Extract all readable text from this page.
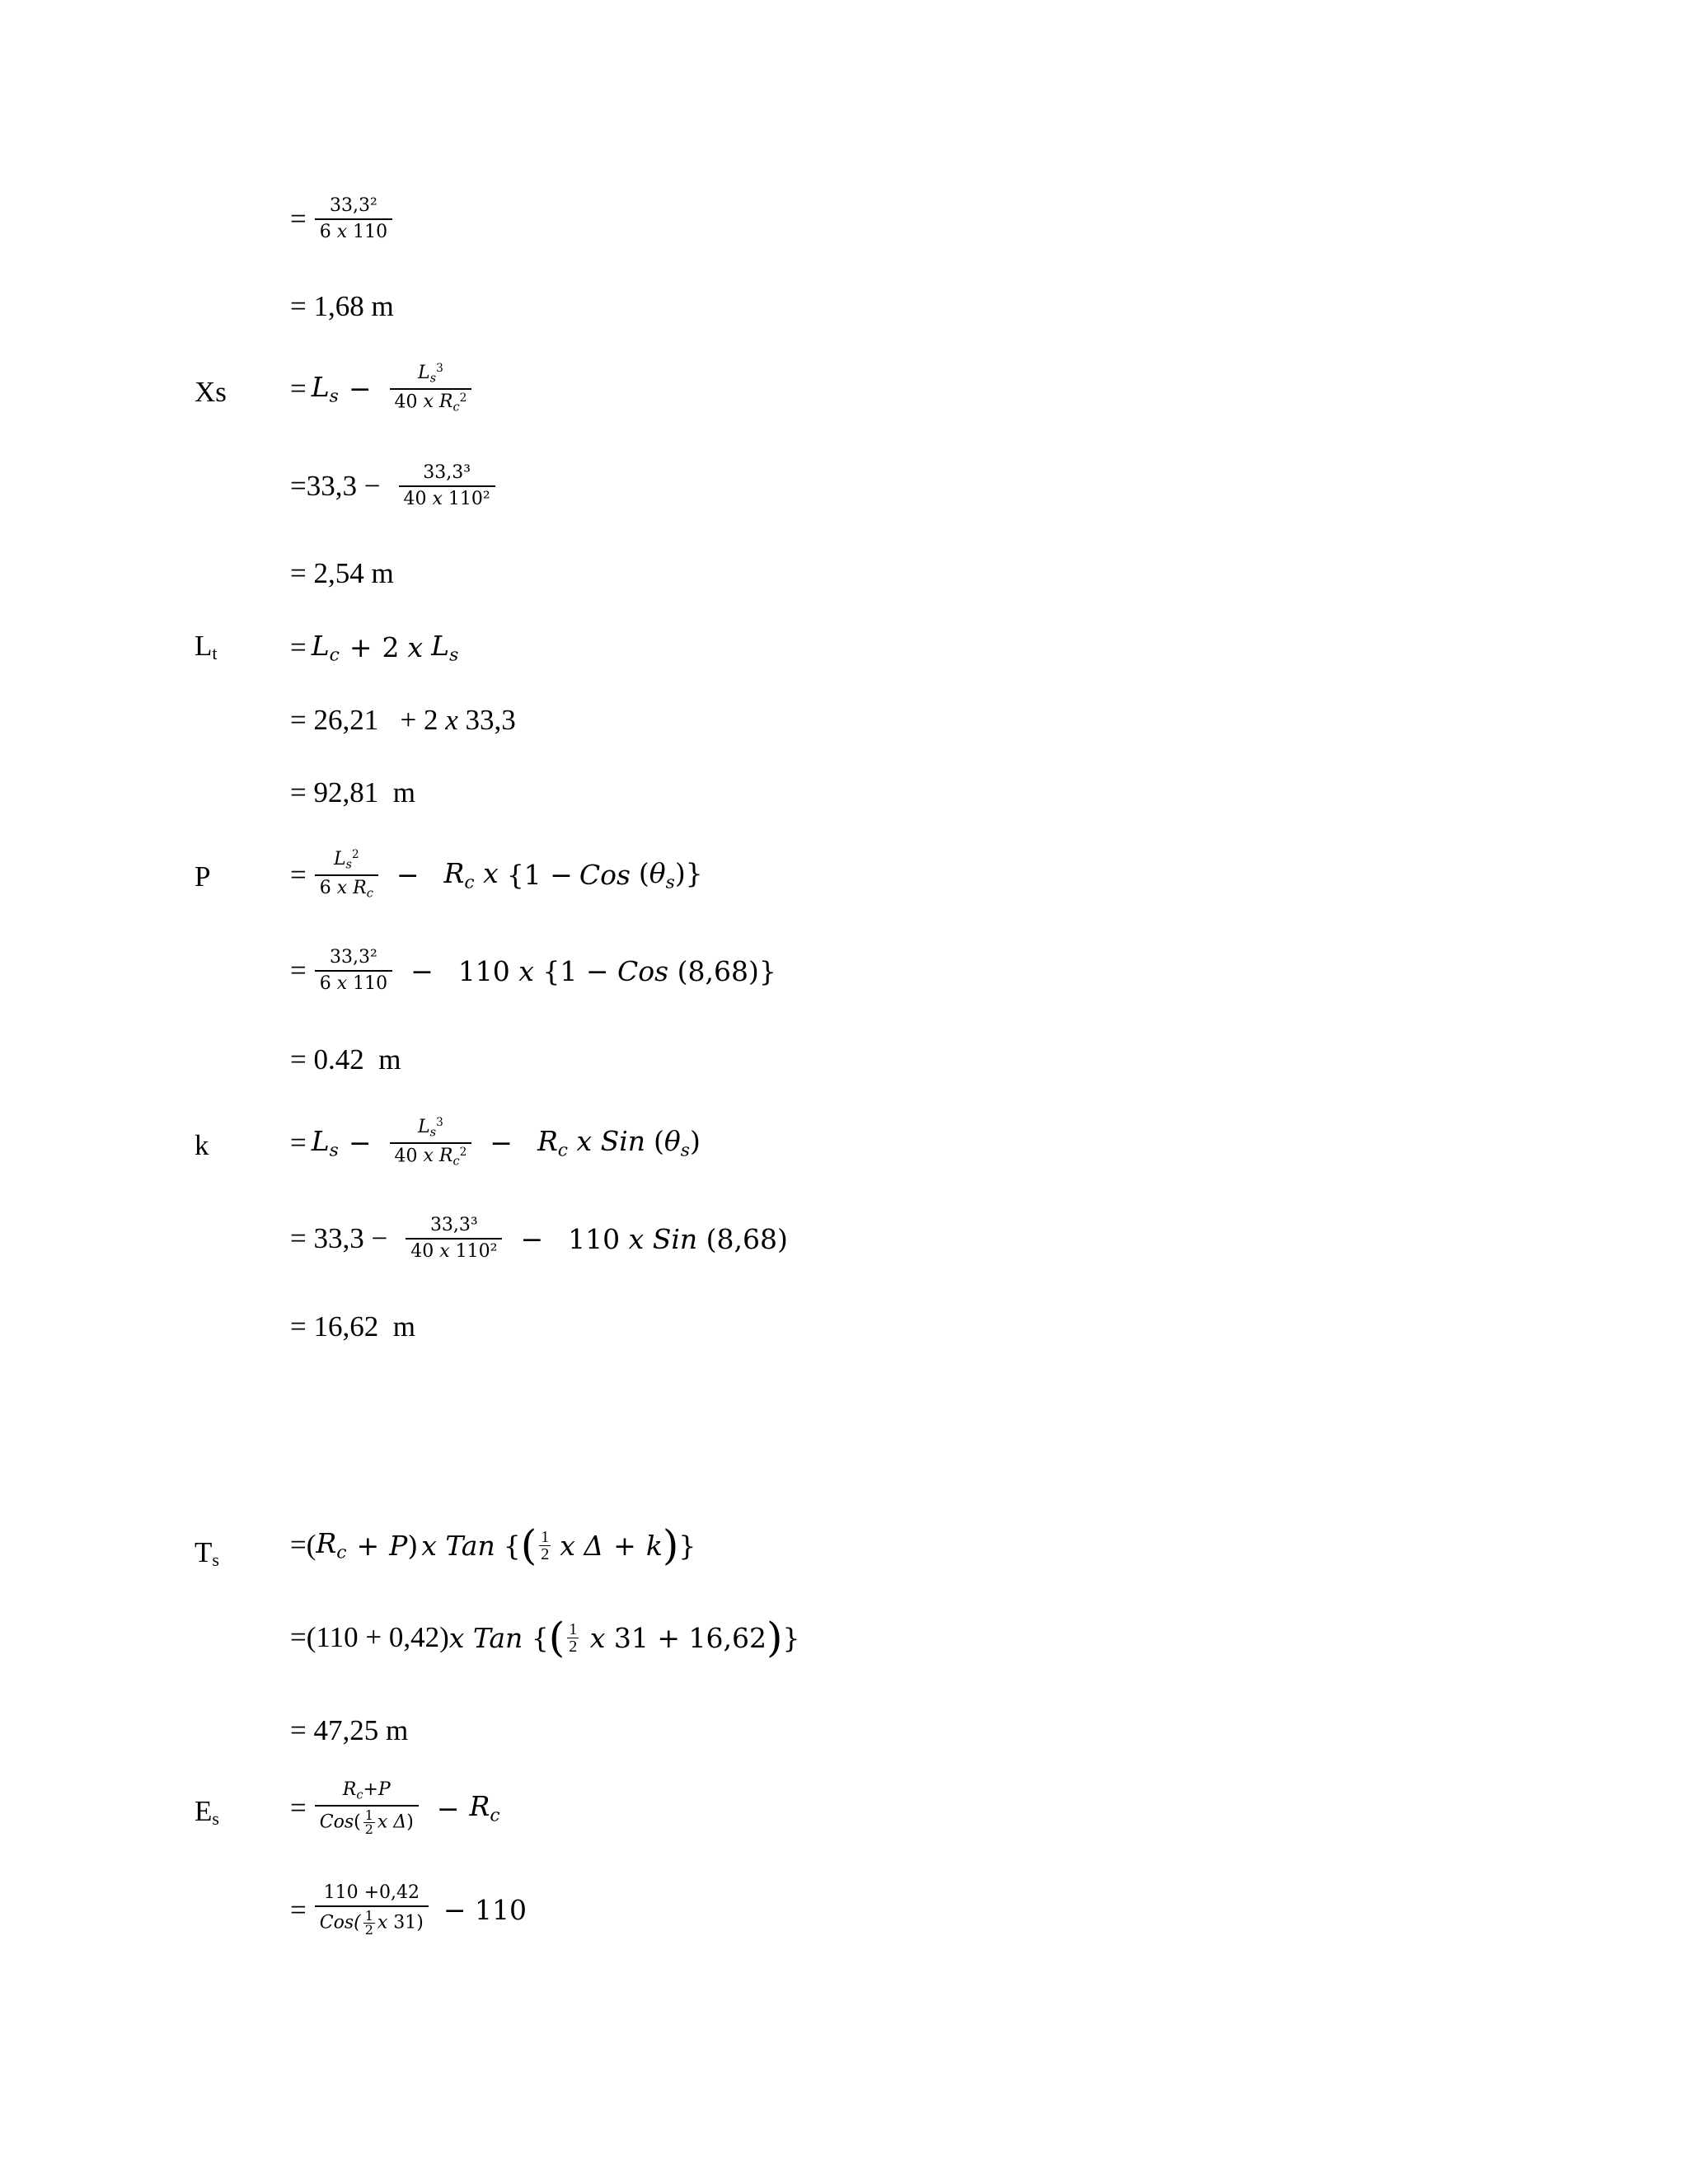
= $\frac{\text{33,3²}}{6 x 110}$
= 1,68 m
$Xs = Ls - \frac{Ls^3}{40 x Rc^2}$
= $33,3 - \frac{\text{33,3³}}{\text{40 x 110²}}$
= 2,54 m
$L_t$	= Lc + 2 x Ls
= 26,21   + 2 x 33,3
= 92,81  m
P	= $\frac{Ls^2}{\text{6 x Rc}} - Rc$ x {1 − Cos (θs)}
= $\frac{\text{33,3²}}{6 x 110} - 110$ x {1 − Cos (8,68)}
= 0.42  m
k	= $Ls - \frac{Ls^3}{40 x Rc^2} - Rc$ x Sin (θs)
= $33,3 - \frac{\text{33,3³}}{\text{40 x 110²}} - 110$ x Sin (8,68)
= 16,62  m
$T_s$ =( Rc + P ) x Tan { ( 1
2 x Δ + k ) }
=(110 + 0,42) x Tan { ( 1
2 x 31 + 16,62 ) }
= 47,25 m
$E_s = \frac{Rc+P}{Cos( \frac{1}{2} x \Delta)} - Rc$
= $\frac{110 +0,42}{Cos( \frac{1}{2} x 31)} - 110$
